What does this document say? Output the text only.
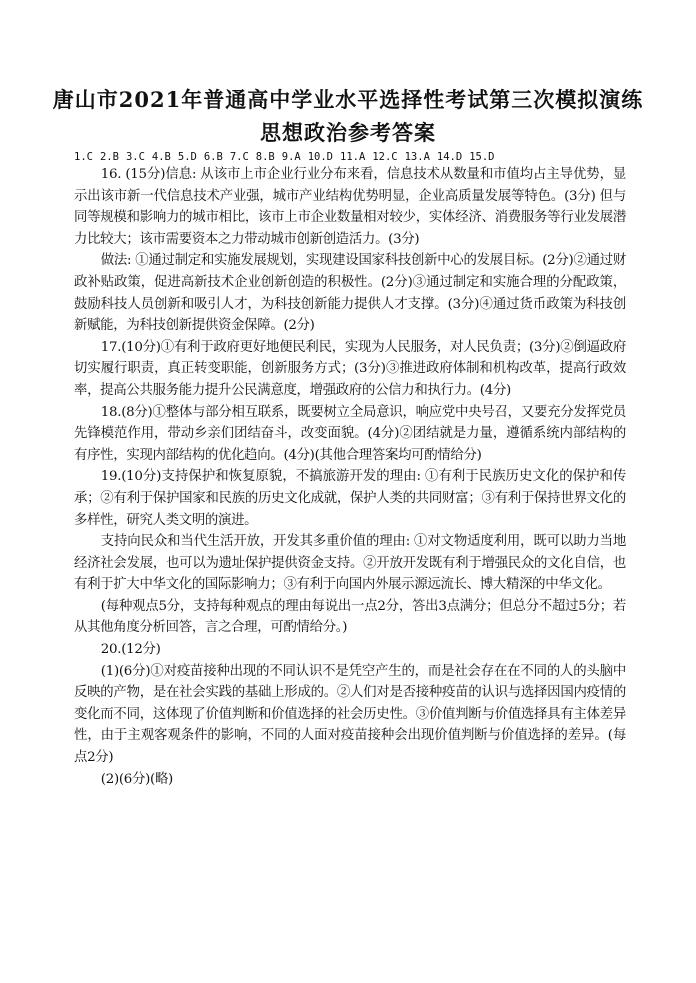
唐山市2021年普通高中学业水平选择性考试第三次模拟演练
思想政治参考答案
1.C 2.B 3.C 4.B 5.D 6.B 7.C 8.B 9.A 10.D 11.A 12.C 13.A 14.D 15.D

16. (15分)信息: 从该市上市企业行业分布来看，信息技术从数量和市值均占主导优势，显示出该市新一代信息技术产业强，城市产业结构优势明显，企业高质量发展等特色。(3分) 但与同等规模和影响力的城市相比，该市上市企业数量相对较少，实体经济、消费服务等行业发展潜力比较大；该市需要资本之力带动城市创新创造活力。(3分)

做法: ①通过制定和实施发展规划，实现建设国家科技创新中心的发展目标。(2分)②通过财政补贴政策，促进高新技术企业创新创造的积极性。(2分)③通过制定和实施合理的分配政策，鼓励科技人员创新和吸引人才，为科技创新能力提供人才支撑。(3分)④通过货币政策为科技创新赋能，为科技创新提供资金保障。(2分)

17.(10分)①有利于政府更好地便民利民，实现为人民服务，对人民负责；(3分)②倒逼政府切实履行职责，真正转变职能，创新服务方式；(3分)③推进政府体制和机构改革，提高行政效率，提高公共服务能力提升公民满意度，增强政府的公信力和执行力。(4分)

18.(8分)①整体与部分相互联系，既要树立全局意识，响应党中央号召，又要充分发挥党员先锋模范作用，带动乡亲们团结奋斗，改变面貌。(4分)②团结就是力量，遵循系统内部结构的有序性，实现内部结构的优化趋向。(4分)(其他合理答案均可酌情给分)

19.(10分)支持保护和恢复原貌，不搞旅游开发的理由: ①有利于民族历史文化的保护和传承；②有利于保护国家和民族的历史文化成就，保护人类的共同财富；③有利于保持世界文化的多样性，研究人类文明的演进。

支持向民众和当代生活开放，开发其多重价值的理由: ①对文物适度利用，既可以助力当地经济社会发展，也可以为遗址保护提供资金支持。②开放开发既有利于增强民众的文化自信，也有利于扩大中华文化的国际影响力；③有利于向国内外展示源远流长、博大精深的中华文化。

(每种观点5分，支持每种观点的理由每说出一点2分，答出3点满分；但总分不超过5分；若从其他角度分析回答，言之合理，可酌情给分。)

20.(12分)

(1)(6分)①对疫苗接种出现的不同认识不是凭空产生的，而是社会存在在不同的人的头脑中反映的产物，是在社会实践的基础上形成的。②人们对是否接种疫苗的认识与选择因国内疫情的变化而不同，这体现了价值判断和价值选择的社会历史性。③价值判断与价值选择具有主体差异性，由于主观客观条件的影响，不同的人面对疫苗接种会出现价值判断与价值选择的差异。(每点2分)

(2)(6分)(略)
